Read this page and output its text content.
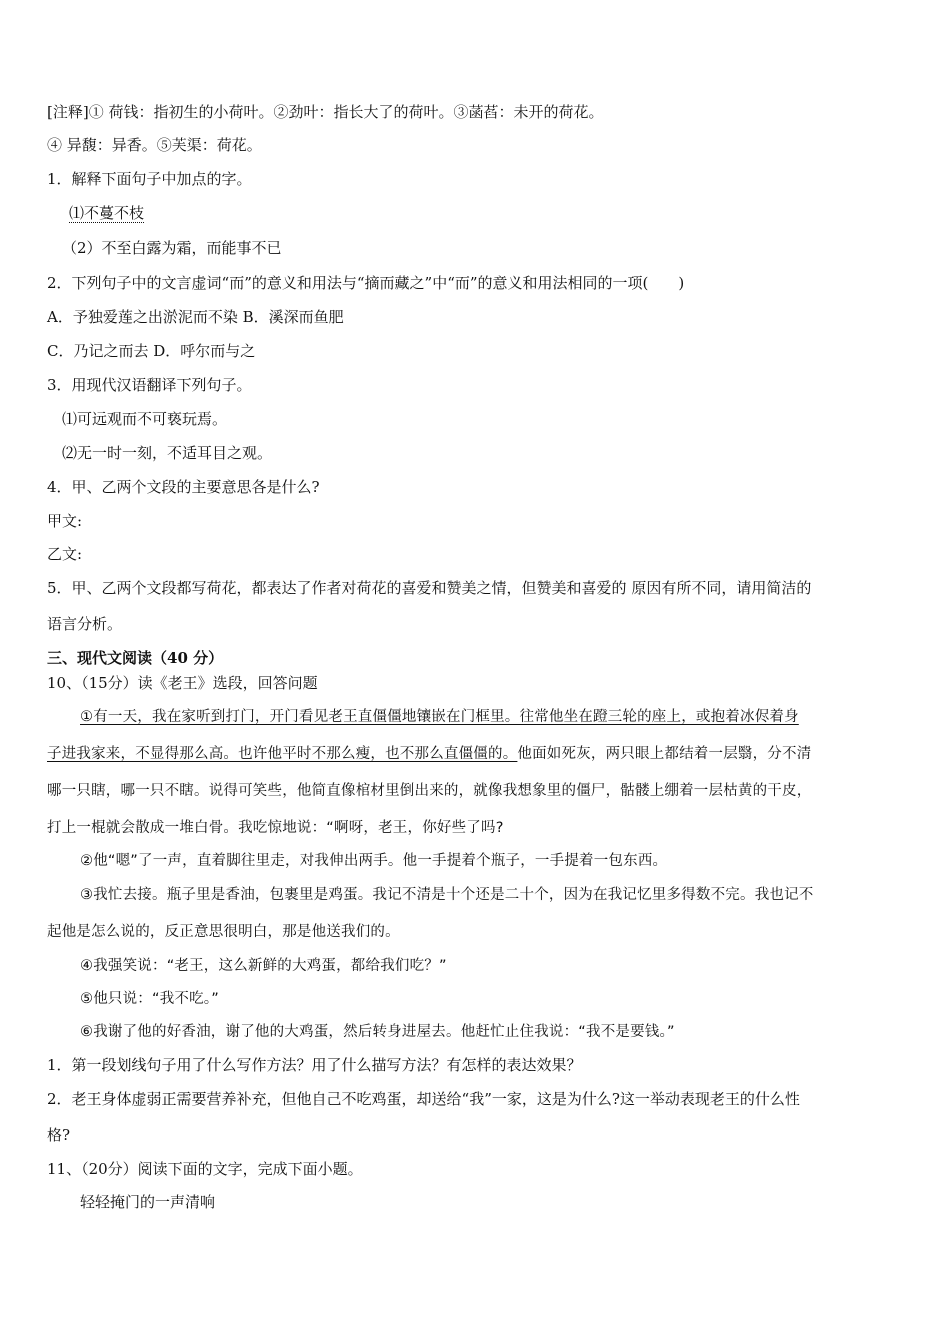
[注释]① 荷钱：指初生的小荷叶。②劲叶：指长大了的荷叶。③菡萏：未开的荷花。
④ 异馥：异香。⑤芙渠：荷花。
1．解释下面句子中加点的字。
⑴不蔓不枝
（2）不至白露为霜，而能事不已
2．下列句子中的文言虚词“而”的意义和用法与“摘而藏之”中“而”的意义和用法相同的一项(　　)
A．予独爱莲之出淤泥而不染 B．溪深而鱼肥
C．乃记之而去 D．呼尔而与之
3．用现代汉语翻译下列句子。
⑴可远观而不可亵玩焉。
⑵无一时一刻，不适耳目之观。
4．甲、乙两个文段的主要意思各是什么?
甲文:
乙文:
5．甲、乙两个文段都写荷花，都表达了作者对荷花的喜爱和赞美之情，但赞美和喜爱的 原因有所不同，请用简洁的
语言分析。
三、现代文阅读（40 分）
10、（15分）读《老王》选段，回答问题
①有一天，我在家听到打门，开门看见老王直僵僵地镶嵌在门框里。往常他坐在蹬三轮的座上，或抱着冰侭着身
子进我家来，不显得那么高。也许他平时不那么瘦，也不那么直僵僵的。他面如死灰，两只眼上都结着一层翳，分不清
哪一只瞎，哪一只不瞎。说得可笑些，他简直像棺材里倒出来的，就像我想象里的僵尸，骷髅上绷着一层枯黄的干皮，
打上一棍就会散成一堆白骨。我吃惊地说：“啊呀，老王，你好些了吗?
②他“嗯”了一声，直着脚往里走，对我伸出两手。他一手提着个瓶子，一手提着一包东西。
③我忙去接。瓶子里是香油，包裹里是鸡蛋。我记不清是十个还是二十个，因为在我记忆里多得数不完。我也记不
起他是怎么说的，反正意思很明白，那是他送我们的。
④我强笑说：“老王，这么新鲜的大鸡蛋，都给我们吃？”
⑤他只说：“我不吃。”
⑥我谢了他的好香油，谢了他的大鸡蛋，然后转身进屋去。他赶忙止住我说：“我不是要钱。”
1．第一段划线句子用了什么写作方法？用了什么描写方法？有怎样的表达效果？
2．老王身体虚弱正需要营养补充，但他自己不吃鸡蛋，却送给“我”一家，这是为什么?这一举动表现老王的什么性
格?
11、（20分）阅读下面的文字，完成下面小题。
轻轻掩门的一声清响
